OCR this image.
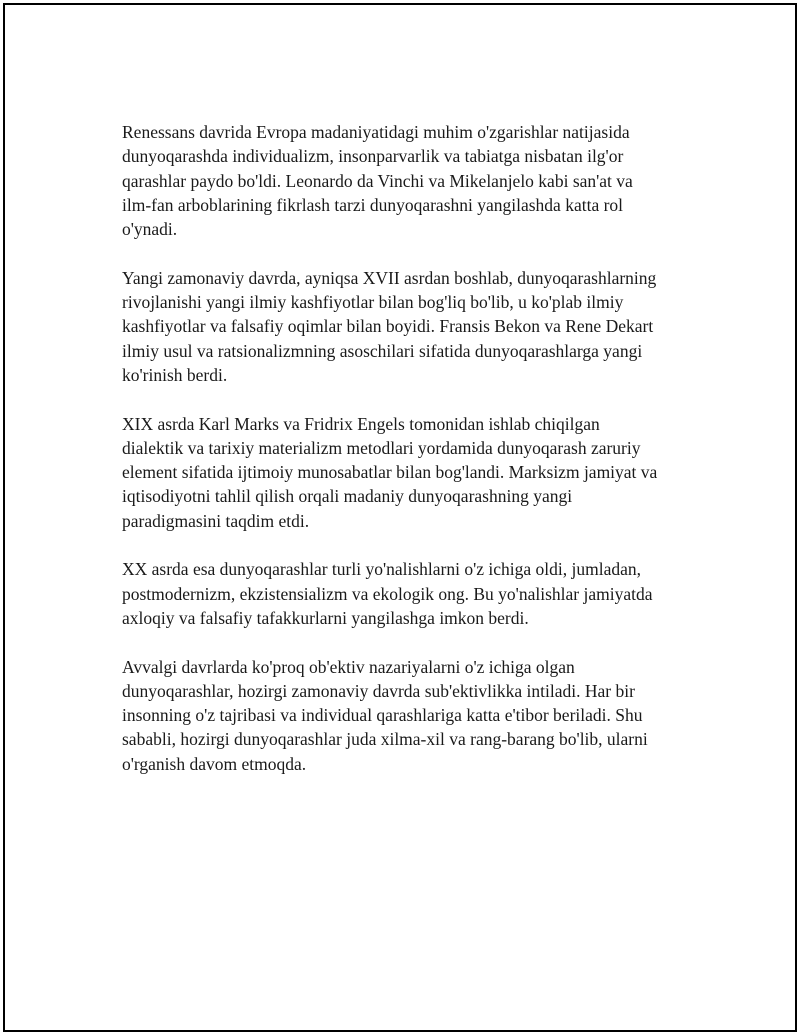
Renessans davrida Evropa madaniyatidagi muhim o'zgarishlar natijasida
dunyoqarashda individualizm, insonparvarlik va tabiatga nisbatan ilg'or
qarashlar paydo bo'ldi. Leonardo da Vinchi va Mikelanjelo kabi san'at va
ilm-fan arboblarining fikrlash tarzi dunyoqarashni yangilashda katta rol
o'ynadi.

Yangi zamonaviy davrda, ayniqsa XVII asrdan boshlab, dunyoqarashlarning
rivojlanishi yangi ilmiy kashfiyotlar bilan bog'liq bo'lib, u ko'plab ilmiy
kashfiyotlar va falsafiy oqimlar bilan boyidi. Fransis Bekon va Rene Dekart
ilmiy usul va ratsionalizmning asoschilari sifatida dunyoqarashlarga yangi
ko'rinish berdi.

XIX asrda Karl Marks va Fridrix Engels tomonidan ishlab chiqilgan
dialektik va tarixiy materializm metodlari yordamida dunyoqarash zaruriy
element sifatida ijtimoiy munosabatlar bilan bog'landi. Marksizm jamiyat va
iqtisodiyotni tahlil qilish orqali madaniy dunyoqarashning yangi
paradigmasini taqdim etdi.

XX asrda esa dunyoqarashlar turli yo'nalishlarni o'z ichiga oldi, jumladan,
postmodernizm, ekzistensializm va ekologik ong. Bu yo'nalishlar jamiyatda
axloqiy va falsafiy tafakkurlarni yangilashga imkon berdi.

Avvalgi davrlarda ko'proq ob'ektiv nazariyalarni o'z ichiga olgan
dunyoqarashlar, hozirgi zamonaviy davrda sub'ektivlikka intiladi. Har bir
insonning o'z tajribasi va individual qarashlariga katta e'tibor beriladi. Shu
sababli, hozirgi dunyoqarashlar juda xilma-xil va rang-barang bo'lib, ularni
o'rganish davom etmoqda.
